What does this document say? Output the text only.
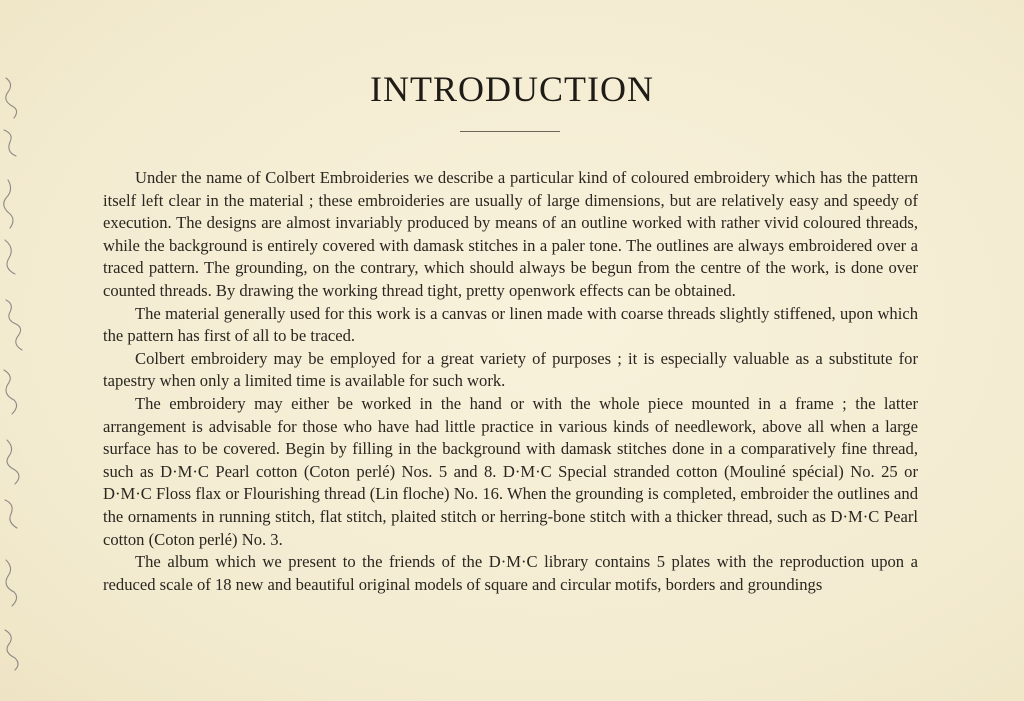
INTRODUCTION

Under the name of Colbert Embroideries we describe a particular kind of coloured embroidery which has the pattern itself left clear in the material ; these embroideries are usually of large dimensions, but are relatively easy and speedy of execution. The designs are almost invariably produced by means of an outline worked with rather vivid coloured threads, while the background is entirely covered with damask stitches in a paler tone. The outlines are always embroidered over a traced pattern. The grounding, on the contrary, which should always be begun from the centre of the work, is done over counted threads. By drawing the working thread tight, pretty openwork effects can be obtained.

The material generally used for this work is a canvas or linen made with coarse threads slightly stiffened, upon which the pattern has first of all to be traced.

Colbert embroidery may be employed for a great variety of purposes ; it is especially valuable as a substitute for tapestry when only a limited time is available for such work.

The embroidery may either be worked in the hand or with the whole piece mounted in a frame ; the latter arrangement is advisable for those who have had little practice in various kinds of needlework, above all when a large surface has to be covered. Begin by filling in the background with damask stitches done in a comparatively fine thread, such as D·M·C Pearl cotton (Coton perlé) Nos. 5 and 8. D·M·C Special stranded cotton (Mouliné spécial) No. 25 or D·M·C Floss flax or Flourishing thread (Lin floche) No. 16. When the grounding is completed, embroider the outlines and the ornaments in running stitch, flat stitch, plaited stitch or herring-bone stitch with a thicker thread, such as D·M·C Pearl cotton (Coton perlé) No. 3.

The album which we present to the friends of the D·M·C library contains 5 plates with the reproduction upon a reduced scale of 18 new and beautiful original models of square and circular motifs, borders and groundings
